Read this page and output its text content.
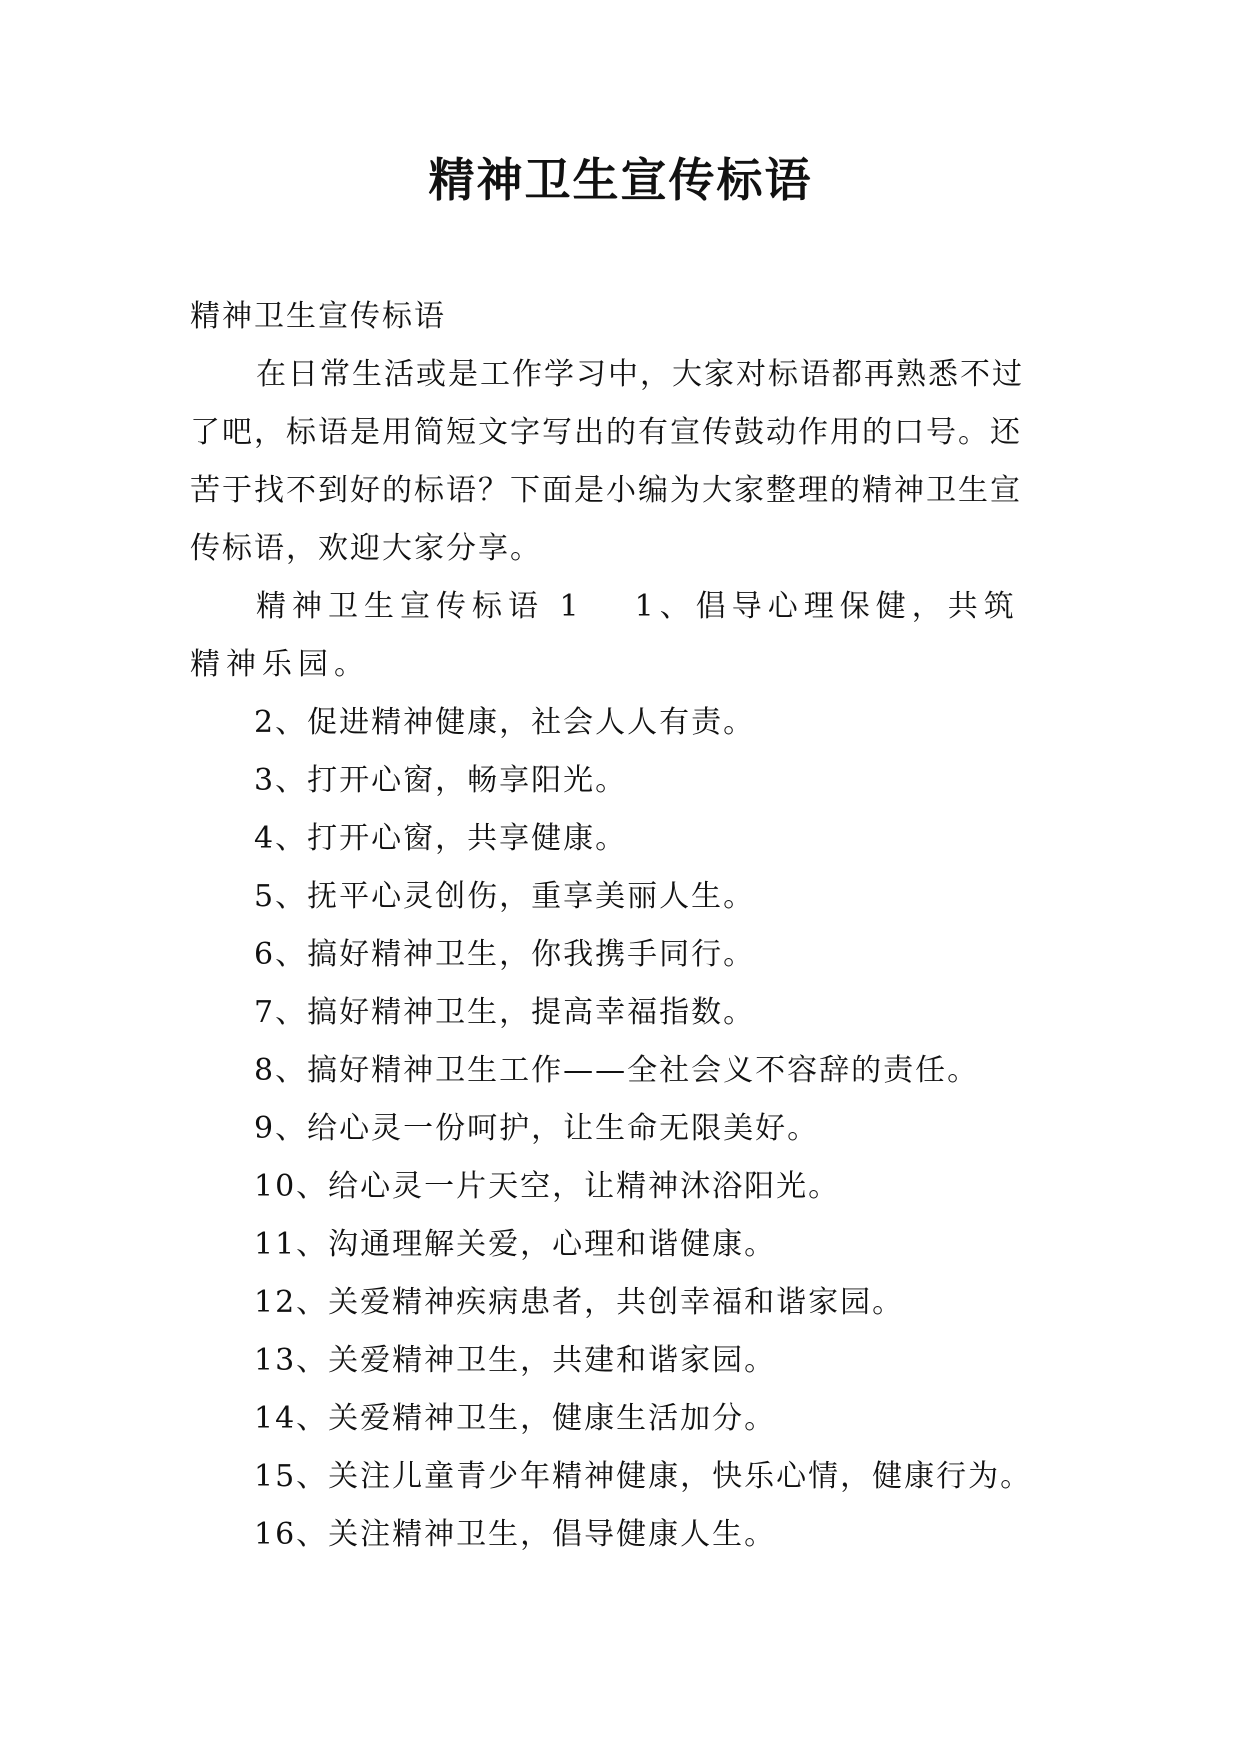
精神卫生宣传标语

精神卫生宣传标语

在日常生活或是工作学习中，大家对标语都再熟悉不过了吧，标语是用简短文字写出的有宣传鼓动作用的口号。还苦于找不到好的标语？下面是小编为大家整理的精神卫生宣传标语，欢迎大家分享。

精神卫生宣传标语 1 1、倡导心理保健，共筑精神乐园。

2、促进精神健康，社会人人有责。

3、打开心窗，畅享阳光。

4、打开心窗，共享健康。

5、抚平心灵创伤，重享美丽人生。

6、搞好精神卫生，你我携手同行。

7、搞好精神卫生，提高幸福指数。

8、搞好精神卫生工作——全社会义不容辞的责任。

9、给心灵一份呵护，让生命无限美好。

10、给心灵一片天空，让精神沐浴阳光。

11、沟通理解关爱，心理和谐健康。

12、关爱精神疾病患者，共创幸福和谐家园。

13、关爱精神卫生，共建和谐家园。

14、关爱精神卫生，健康生活加分。

15、关注儿童青少年精神健康，快乐心情，健康行为。

16、关注精神卫生，倡导健康人生。
